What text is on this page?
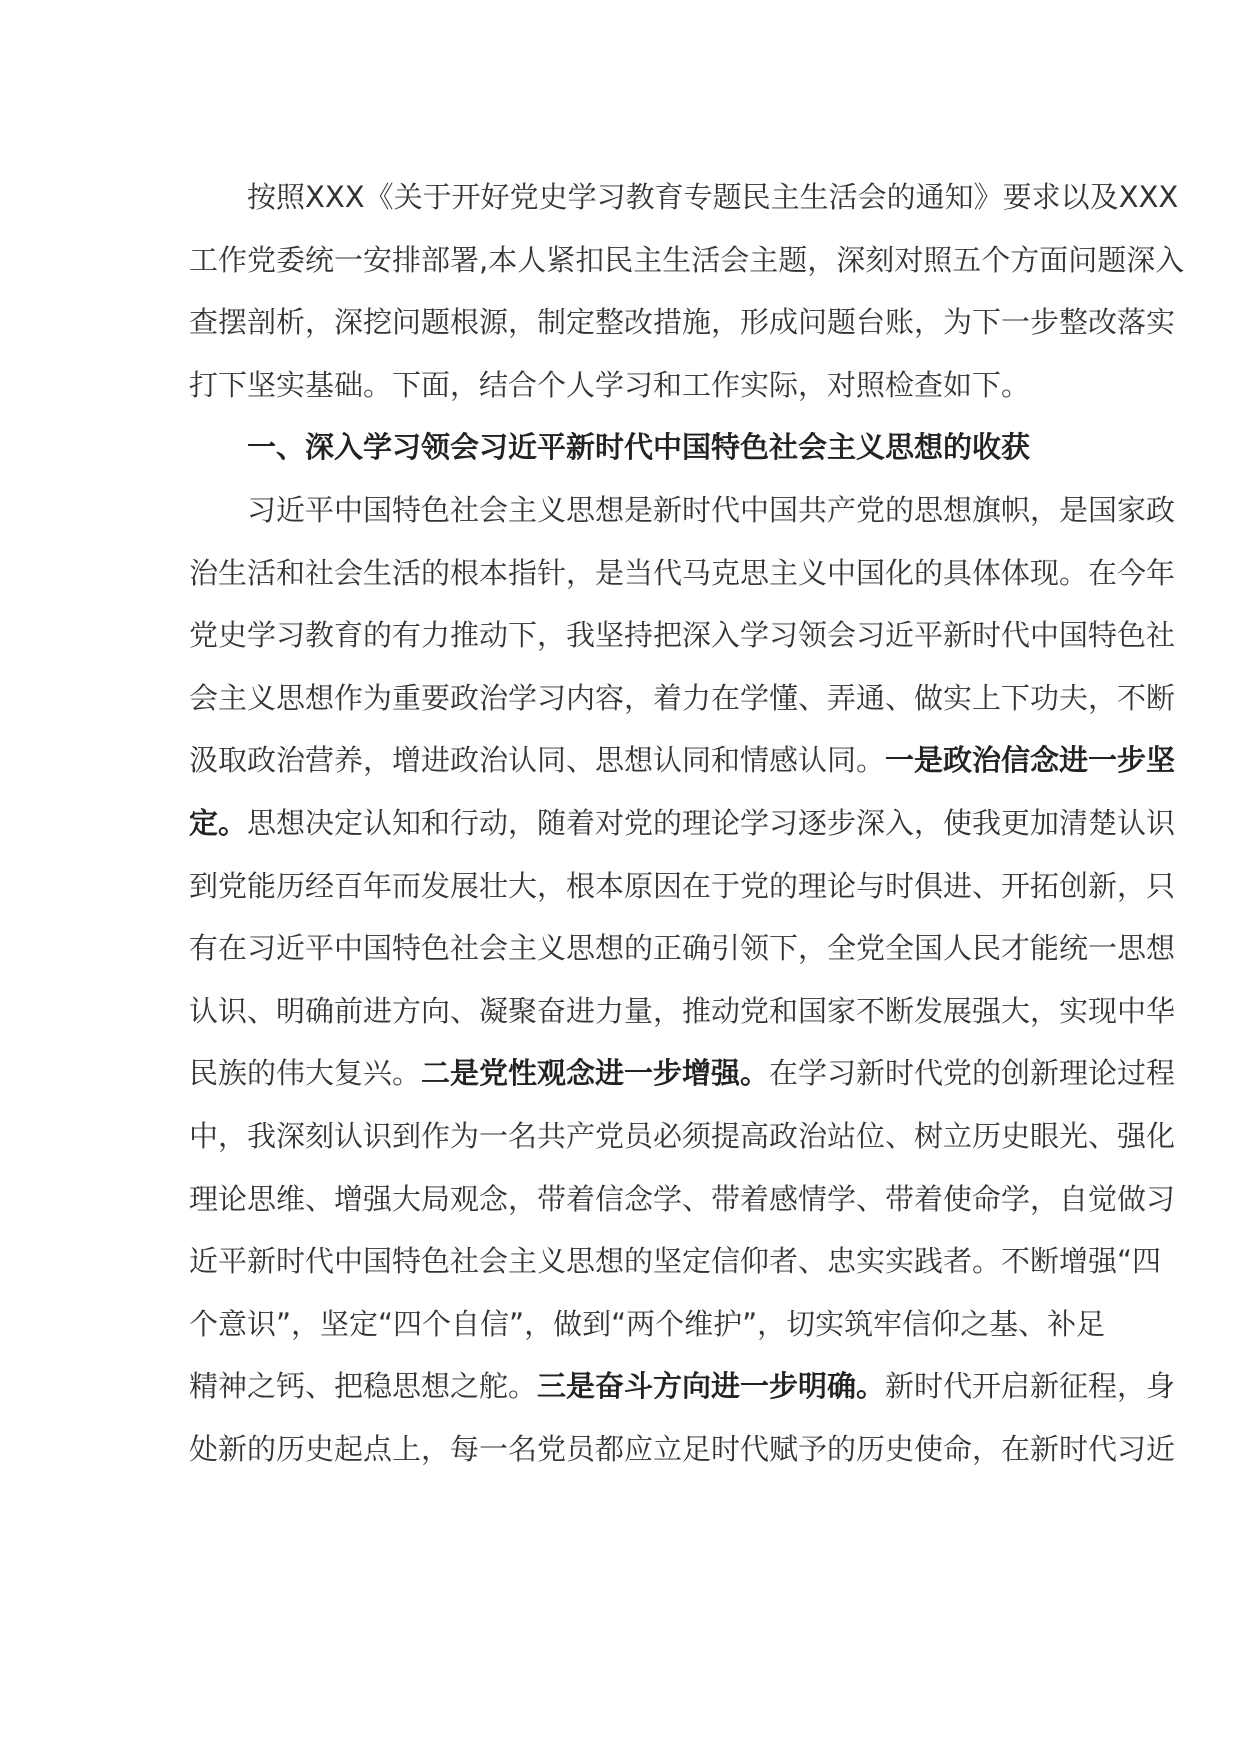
按照XXX《关于开好党史学习教育专题民主生活会的通知》要求以及XXX
工作党委统一安排部署,本人紧扣民主生活会主题，深刻对照五个方面问题深入
查摆剖析，深挖问题根源，制定整改措施，形成问题台账，为下一步整改落实
打下坚实基础。下面，结合个人学习和工作实际，对照检查如下。
一、深入学习领会习近平新时代中国特色社会主义思想的收获
习近平中国特色社会主义思想是新时代中国共产党的思想旗帜，是国家政
治生活和社会生活的根本指针，是当代马克思主义中国化的具体体现。在今年
党史学习教育的有力推动下，我坚持把深入学习领会习近平新时代中国特色社
会主义思想作为重要政治学习内容，着力在学懂、弄通、做实上下功夫，不断
汲取政治营养，增进政治认同、思想认同和情感认同。一是政治信念进一步坚
定。思想决定认知和行动，随着对党的理论学习逐步深入，使我更加清楚认识
到党能历经百年而发展壮大，根本原因在于党的理论与时俱进、开拓创新，只
有在习近平中国特色社会主义思想的正确引领下，全党全国人民才能统一思想
认识、明确前进方向、凝聚奋进力量，推动党和国家不断发展强大，实现中华
民族的伟大复兴。二是党性观念进一步增强。在学习新时代党的创新理论过程
中，我深刻认识到作为一名共产党员必须提高政治站位、树立历史眼光、强化
理论思维、增强大局观念，带着信念学、带着感情学、带着使命学，自觉做习
近平新时代中国特色社会主义思想的坚定信仰者、忠实实践者。不断增强“四
个意识”，坚定“四个自信”，做到“两个维护”，切实筑牢信仰之基、补足
精神之钙、把稳思想之舵。三是奋斗方向进一步明确。新时代开启新征程，身
处新的历史起点上，每一名党员都应立足时代赋予的历史使命，在新时代习近
